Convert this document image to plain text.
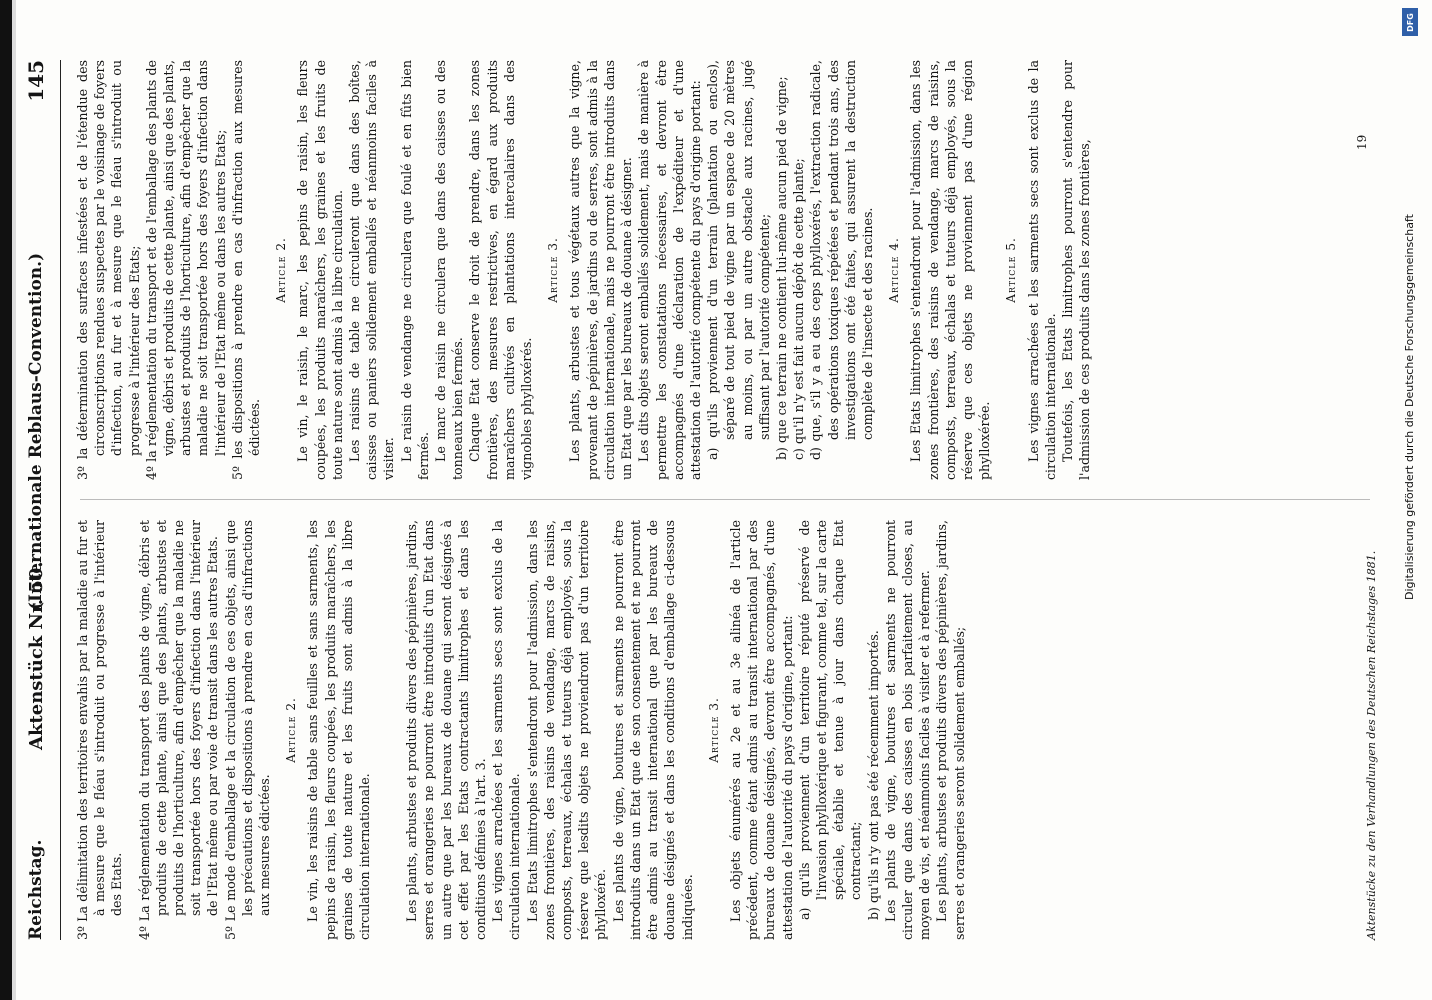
Reichstag.
Aktenstück Nr. 50.
(Internationale Reblaus-Convention.)
145
3º La délimitation des territoires envahis par la maladie au fur et à mesure que le fléau s'introduit ou progresse à l'intérieur des Etats. 4º La réglementation du transport des plants de vigne, débris et produits de cette plante, ainsi que des plants, arbustes et produits de l'horticulture, afin d'empêcher que la maladie ne soit transportée hors des foyers d'infection dans l'intérieur de l'Etat même ou par voie de transit dans les autres Etats. 5º Le mode d'emballage et la circulation de ces objets, ainsi que les précautions et dispositions à prendre en cas d'infractions aux mesures édictées.
Article 2. Le vin, les raisins de table sans feuilles et sans sarments, les pepins de raisin, les fleurs coupées, les produits maraîchers, les graines de toute nature et les fruits sont admis à la libre circulation internationale.	Les plants, arbustes et produits divers des pépinières, jardins, serres et orangeries ne pourront être introduits d'un Etat dans un autre que par les bureaux de douane qui seront désignés à cet effet par les Etats contractants limitrophes et dans les conditions définies à l'art. 3. Les vignes arrachées et les sarments secs sont exclus de la circulation internationale. Les Etats limitrophes s'entendront pour l'admission, dans les zones frontières, des raisins de vendange, marcs de raisins, composts, terreaux, échalas et tuteurs déjà employés, sous la réserve que lesdits objets ne proviendront pas d'un territoire phylloxéré. Les plants de vigne, boutures et sarments ne pourront être introduits dans un Etat que de son consentement et ne pourront être admis au transit international que par les bureaux de douane désignés et dans les conditions d'emballage ci-dessous indiquées.

Article 3. Les objets énumérés au 2e et au 3e alinéa de l'article précédent, comme étant admis au transit international par des bureaux de douane désignés, devront être accompagnés, d'une attestation de l'autorité du pays d'origine, portant: a) qu'ils proviennent d'un territoire réputé préservé de l'invasion phylloxérique et figurant, comme tel, sur la carte spéciale, établie et tenue à jour dans chaque Etat contractant; b) qu'ils n'y ont pas été récemment importés. Les plants de vigne, boutures et sarments ne pourront circuler que dans des caisses en bois parfaitement closes, au moyen de vis, et néanmoins faciles à visiter et à refermer. Les plants, arbustes et produits divers des pépinières, jardins, serres et orangeries seront solidement emballés;

3º la détermination des surfaces infestées et de l'étendue des circonscriptions rendues suspectes par le voisinage de foyers d'infection, au fur et à mesure que le fléau s'introduit ou progresse à l'intérieur des Etats; 4º la réglementation du transport et de l'emballage des plants de vigne, débris et produits de cette plante, ainsi que des plants, arbustes et produits de l'horticulture, afin d'empêcher que la maladie ne soit transportée hors des foyers d'infection dans l'intérieur de l'Etat même ou dans les autres Etats; 5º les dispositions à prendre en cas d'infraction aux mesures édictées.
Article 2. Le vin, le raisin, le marc, les pepins de raisin, les fleurs coupées, les produits maraîchers, les graines et les fruits de toute nature sont admis à la libre circulation. Les raisins de table ne circuleront que dans des boîtes, caisses ou paniers solidement emballés et néanmoins faciles à visiter. Le raisin de vendange ne circulera que foulé et en fûts bien fermés. Le marc de raisin ne circulera que dans des caisses ou des tonneaux bien fermés. Chaque Etat conserve le droit de prendre, dans les zones frontières, des mesures restrictives, en égard aux produits maraîchers cultivés en plantations intercalaires dans des vignobles phylloxérés.

Article 3. Les plants, arbustes et tous végétaux autres que la vigne, provenant de pépinières, de jardins ou de serres, sont admis à la circulation internationale, mais ne pourront être introduits dans un Etat que par les bureaux de douane à désigner. Les dits objets seront emballés solidement, mais de manière à permettre les constatations nécessaires, et devront être accompagnés d'une déclaration de l'expéditeur et d'une attestation de l'autorité compétente du pays d'origine portant: a) qu'ils proviennent d'un terrain (plantation ou enclos), séparé de tout pied de vigne par un espace de 20 mètres au moins, ou par un autre obstacle aux racines, jugé suffisant par l'autorité compétente; b) que ce terrain ne contient lui-même aucun pied de vigne; c) qu'il n'y est fait aucun dépôt de cette plante; d) que, s'il y a eu des ceps phylloxérés, l'extraction radicale, des opérations toxiques répétées et pendant trois ans, des investigations ont été faites, qui assurent la destruction complète de l'insecte et des racines. Article 4. Les Etats limitrophes s'entendront pour l'admission, dans les zones frontières, des raisins de vendange, marcs de raisins, composts, terreaux, échalas et tuteurs déjà employés, sous la réserve que ces objets ne proviennent pas d'une région phylloxérée.

Article 5. Les vignes arrachées et les sarments secs sont exclus de la circulation internationale. Toutefois, les Etats limitrophes pourront s'entendre pour l'admission de ces produits dans les zones frontières,

Aktenstücke zu den Verhandlungen des Deutschen Reichstages 1881.
19
DFG
Digitalisierung gefördert durch die Deutsche Forschungsgemeinschaft
